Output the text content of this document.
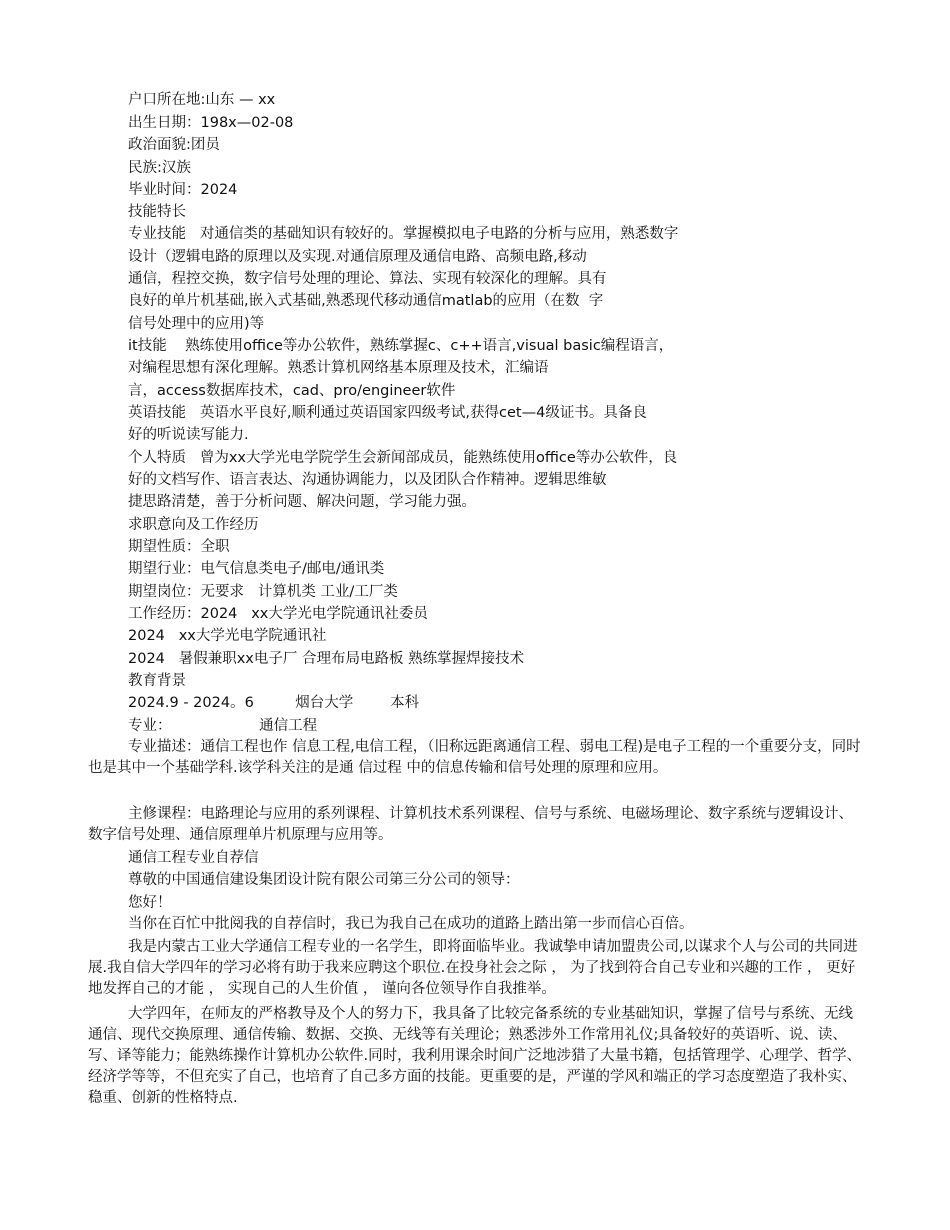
户口所在地:山东 — xx
出生日期：198x—02-08
政治面貌:团员
民族:汉族
毕业时间：2024
技能特长
专业技能   对通信类的基础知识有较好的。掌握模拟电子电路的分析与应用，熟悉数字
设计（逻辑电路的原理以及实现.对通信原理及通信电路、高频电路,移动
通信，程控交换，数字信号处理的理论、算法、实现有较深化的理解。具有
良好的单片机基础,嵌入式基础,熟悉现代移动通信matlab的应用（在数  字
信号处理中的应用)等
it技能    熟练使用office等办公软件，熟练掌握c、c++语言,visual basic编程语言，
对编程思想有深化理解。熟悉计算机网络基本原理及技术，汇编语
言，access数据库技术，cad、pro/engineer软件
英语技能   英语水平良好,顺利通过英语国家四级考试,获得cet—4级证书。具备良
好的听说读写能力.
个人特质   曾为xx大学光电学院学生会新闻部成员，能熟练使用office等办公软件，良
好的文档写作、语言表达、沟通协调能力，以及团队合作精神。逻辑思维敏
捷思路清楚，善于分析问题、解决问题，学习能力强。
求职意向及工作经历
期望性质：全职
期望行业：电气信息类电子/邮电/通讯类
期望岗位：无要求   计算机类 工业/工厂类
工作经历：2024   xx大学光电学院通讯社委员
2024   xx大学光电学院通讯社
2024   暑假兼职xx电子厂 合理布局电路板 熟练掌握焊接技术
教育背景
2024.9 - 2024。6         烟台大学        本科
专业：                   通信工程
专业描述：通信工程也作 信息工程,电信工程，（旧称远距离通信工程、弱电工程)是电子工程的一个重要分支，同时也是其中一个基础学科.该学科关注的是通 信过程 中的信息传输和信号处理的原理和应用。
主修课程：电路理论与应用的系列课程、计算机技术系列课程、信号与系统、电磁场理论、数字系统与逻辑设计、数字信号处理、通信原理单片机原理与应用等。
通信工程专业自荐信
尊敬的中国通信建设集团设计院有限公司第三分公司的领导：
您好！
当你在百忙中批阅我的自荐信时，我已为我自己在成功的道路上踏出第一步而信心百倍。
我是内蒙古工业大学通信工程专业的一名学生，即将面临毕业。我诚挚申请加盟贵公司,以谋求个人与公司的共同进展.我自信大学四年的学习必将有助于我来应聘这个职位.在投身社会之际 ， 为了找到符合自己专业和兴趣的工作 ， 更好地发挥自己的才能 ， 实现自己的人生价值 ， 谨向各位领导作自我推举。
大学四年，在师友的严格教导及个人的努力下，我具备了比较完备系统的专业基础知识，掌握了信号与系统、无线通信、现代交换原理、通信传输、数据、交换、无线等有关理论；熟悉涉外工作常用礼仪;具备较好的英语听、说、读、写、译等能力；能熟练操作计算机办公软件.同时，我利用课余时间广泛地涉猎了大量书籍，包括管理学、心理学、哲学、经济学等等，不但充实了自己，也培育了自己多方面的技能。更重要的是，严谨的学风和端正的学习态度塑造了我朴实、稳重、创新的性格特点.
